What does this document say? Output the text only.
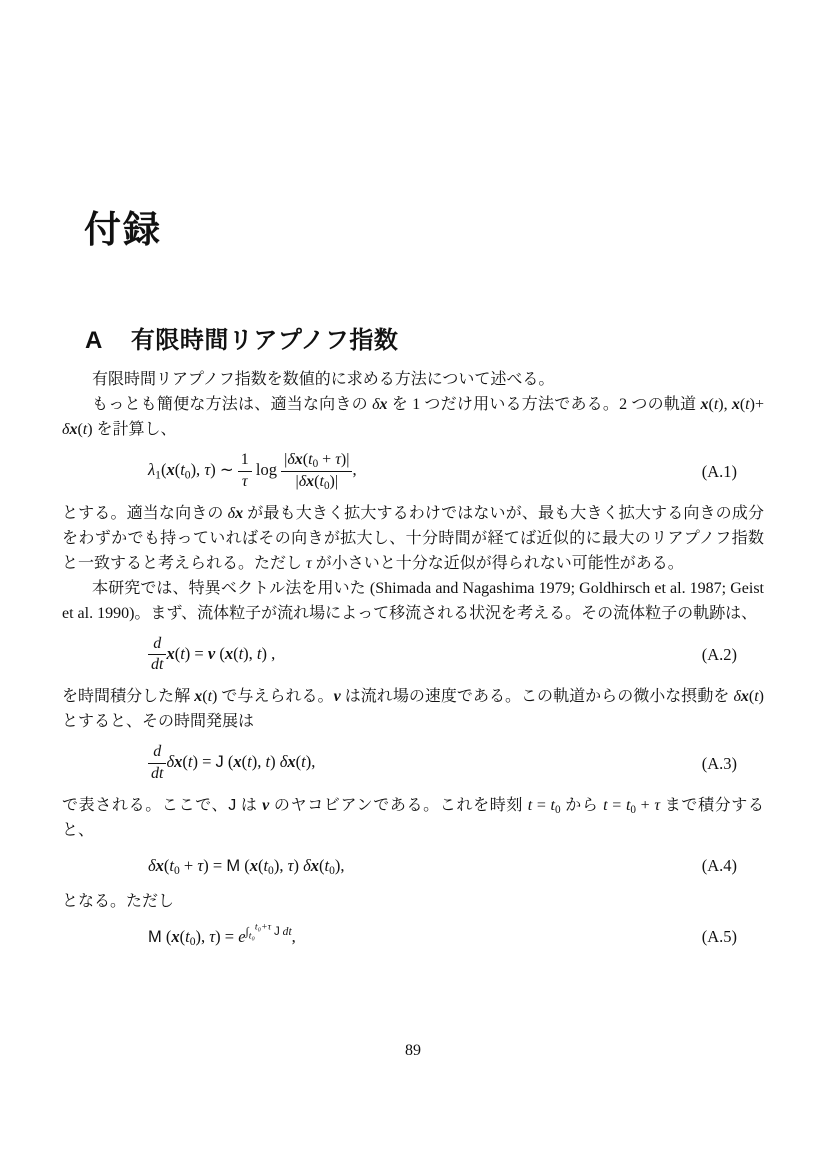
付録
A 有限時間リアプノフ指数

有限時間リアプノフ指数を数値的に求める方法について述べる。

もっとも簡便な方法は、適当な向きの δx を 1 つだけ用いる方法である。2 つの軌道 x(t), x(t)+ δx(t) を計算し、

$\lambda_1(x(t_0)$, τ) ∼ $\frac{1}{\tau}$ $\log \frac{|\delta x(t_0 + \tau)|}{|\delta x(t_0)|}$ ,	(A.1)

とする。適当な向きの δx が最も大きく拡大するわけではないが、最も大きく拡大する向きの成分をわずかでも持っていればその向きが拡大し、十分時間が経てば近似的に最大のリアプノフ指数と一致すると考えられる。ただし τ が小さいと十分な近似が得られない可能性がある。

本研究では、特異ベクトル法を用いた (Shimada and Nagashima 1979; Goldhirsch et al. 1987; Geist et al. 1990)。まず、流体粒子が流れ場によって移流される状況を考える。その流体粒子の軌跡は、

$\frac{d}{dt} x(t) = v$ (x(t), t) ,	(A.2)

を時間積分した解 x(t) で与えられる。v は流れ場の速度である。この軌道からの微小な摂動を δx(t) とすると、その時間発展は

$\frac{d}{dt} \delta x(t) = J$ (x(t), t) δx(t),	(A.3)

で表される。ここで、J は v のヤコビアンである。これを時刻 $t = t_0$ から $t = t_0 + \tau$ まで積分すると、

$\delta x(t_0 + \tau) = M$ ($x(t_0)$, τ) $\delta x(t_0)$,	(A.4)

となる。ただし

M ($x(t_0)$, $\tau) = e^{\int_{t_0}^{t_0+\tau} J dt}$,	(A.5)
89
